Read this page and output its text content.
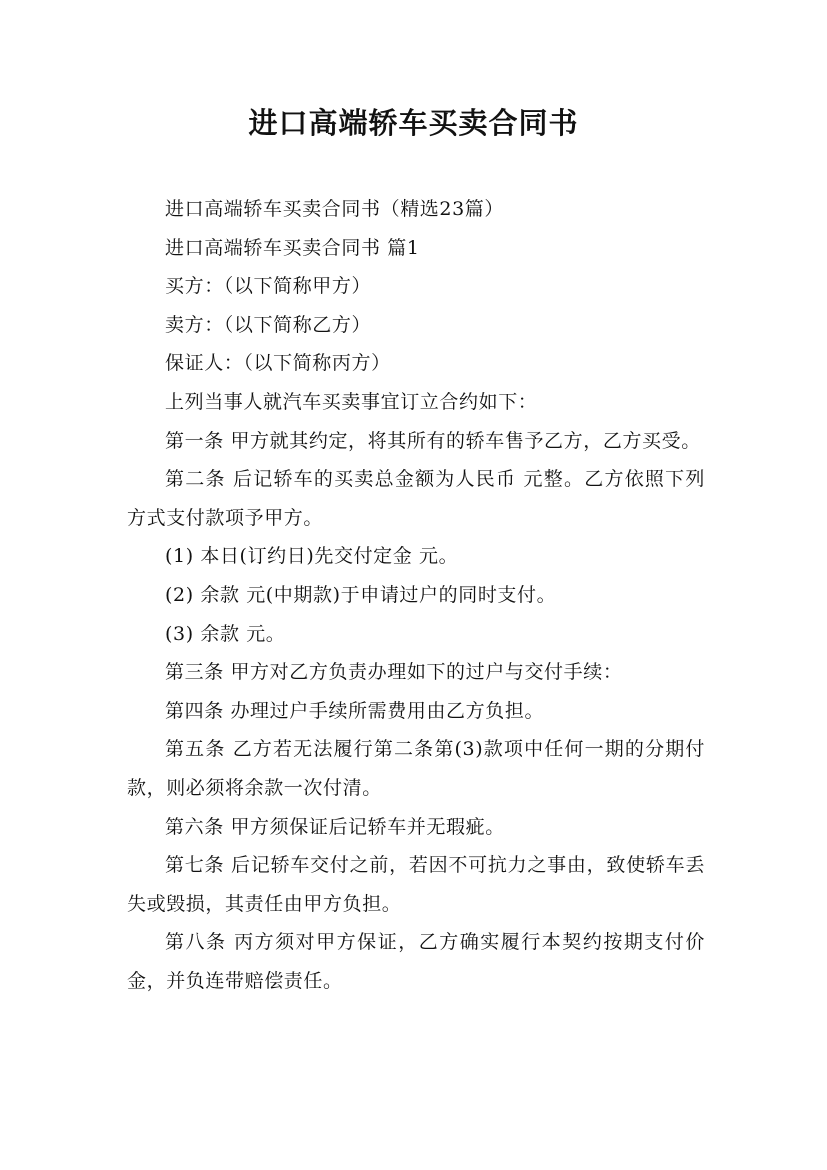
进口高端轿车买卖合同书

进口高端轿车买卖合同书（精选23篇）

进口高端轿车买卖合同书 篇1

买方：（以下简称甲方）

卖方：（以下简称乙方）

保证人：（以下简称丙方）

上列当事人就汽车买卖事宜订立合约如下：

第一条 甲方就其约定，将其所有的轿车售予乙方，乙方买受。

第二条 后记轿车的买卖总金额为人民币 元整。乙方依照下列方式支付款项予甲方。

(1) 本日(订约日)先交付定金 元。

(2) 余款 元(中期款)于申请过户的同时支付。

(3) 余款 元。

第三条 甲方对乙方负责办理如下的过户与交付手续：

第四条 办理过户手续所需费用由乙方负担。

第五条 乙方若无法履行第二条第(3)款项中任何一期的分期付款，则必须将余款一次付清。

第六条 甲方须保证后记轿车并无瑕疵。

第七条 后记轿车交付之前，若因不可抗力之事由，致使轿车丢失或毁损，其责任由甲方负担。

第八条 丙方须对甲方保证，乙方确实履行本契约按期支付价金，并负连带赔偿责任。
